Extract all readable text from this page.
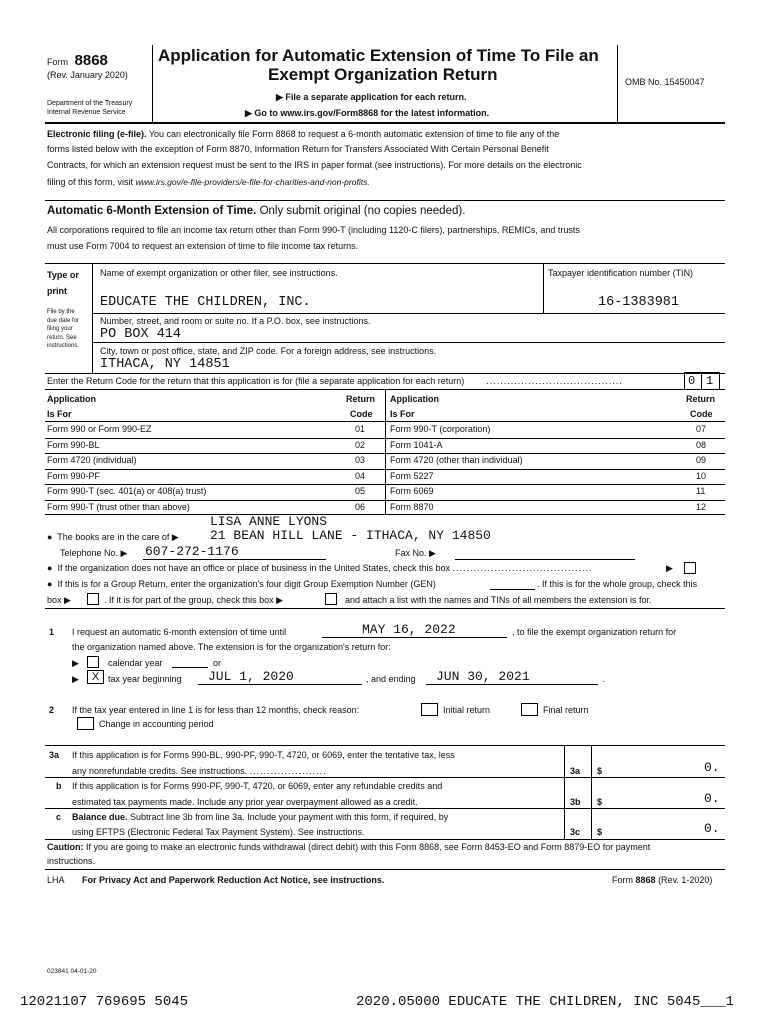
Form 8868
(Rev. January 2020)
Department of the Treasury
Internal Revenue Service
Application for Automatic Extension of Time To File an
Exempt Organization Return
▶ File a separate application for each return.
▶ Go to www.irs.gov/Form8868 for the latest information.
OMB No. 15450047
Electronic filing (e-file). You can electronically file Form 8868 to request a 6-month automatic extension of time to file any of the
forms listed below with the exception of Form 8870, Information Return for Transfers Associated With Certain Personal Benefit
Contracts, for which an extension request must be sent to the IRS in paper format (see instructions). For more details on the electronic
filing of this form, visit www.irs.gov/e-file-providers/e-file-for-charities-and-non-profits.
Automatic 6-Month Extension of Time. Only submit original (no copies needed).
All corporations required to file an income tax return other than Form 990-T (including 1120-C filers), partnerships, REMICs, and trusts
must use Form 7004 to request an extension of time to file income tax returns.
Type or
print
File by the
due date for
filing your
return. See
instructions.
Name of exempt organization or other filer, see instructions.	Taxpayer identification number (TIN)
EDUCATE THE CHILDREN, INC.	16-1383981
Number, street, and room or suite no. If a P.O. box, see instructions.
PO BOX 414
City, town or post office, state, and ZIP code. For a foreign address, see instructions.
ITHACA, NY 14851
Enter the Return Code for the return that this application is for (file a separate application for each return) .......................................	0 1
Application
Is For
Return
Code
Application
Is For
Return
Code
Form 990 or Form 990-EZ	01	Form 990-T (corporation)	07
Form 990-BL	02	Form 1041-A	08
Form 4720 (individual)	03	Form 4720 (other than individual)	09
Form 990-PF	04	Form 5227	10
Form 990-T (sec. 401(a) or 408(a) trust)	05	Form 6069	11
Form 990-T (trust other than above)	06	Form 8870	12
LISA ANNE LYONS
●  The books are in the care of ▶ 21 BEAN HILL LANE - ITHACA, NY 14850
Telephone No. ▶ 607-272-1176	Fax No. ▶
●  If the organization does not have an office or place of business in the United States, check this box ........................................	▶
●  If this is for a Group Return, enter the organization's four digit Group Exemption Number (GEN)	. If this is for the whole group, check this
box ▶	. If it is for part of the group, check this box ▶	and attach a list with the names and TINs of all members the extension is for.
1 I request an automatic 6-month extension of time until	MAY 16, 2022	, to file the exempt organization return for
the organization named above. The extension is for the organization's return for:
▶	calendar year	or
▶	X tax year beginning JUL 1, 2020	, and ending JUN 30, 2021	.
2 If the tax year entered in line 1 is for less than 12 months, check reason:	Initial return	Final return
Change in accounting period
3a If this application is for Forms 990-BL, 990-PF, 990-T, 4720, or 6069, enter the tentative tax, less
any nonrefundable credits. See instructions. ......................	3a $	0.
b If this application is for Forms 990-PF, 990-T, 4720, or 6069, enter any refundable credits and
estimated tax payments made. Include any prior year overpayment allowed as a credit.	3b $	0.
c Balance due. Subtract line 3b from line 3a. Include your payment with this form, if required, by
using EFTPS (Electronic Federal Tax Payment System). See instructions.	3c $	0.
Caution: If you are going to make an electronic funds withdrawal (direct debit) with this Form 8868, see Form 8453-EO and Form 8879-EO for payment
instructions.
LHA For Privacy Act and Paperwork Reduction Act Notice, see instructions.	Form 8868 (Rev. 1-2020)
023841 04-01-20
12021107 769695 5045	2020.05000 EDUCATE THE CHILDREN, INC 5045___1
